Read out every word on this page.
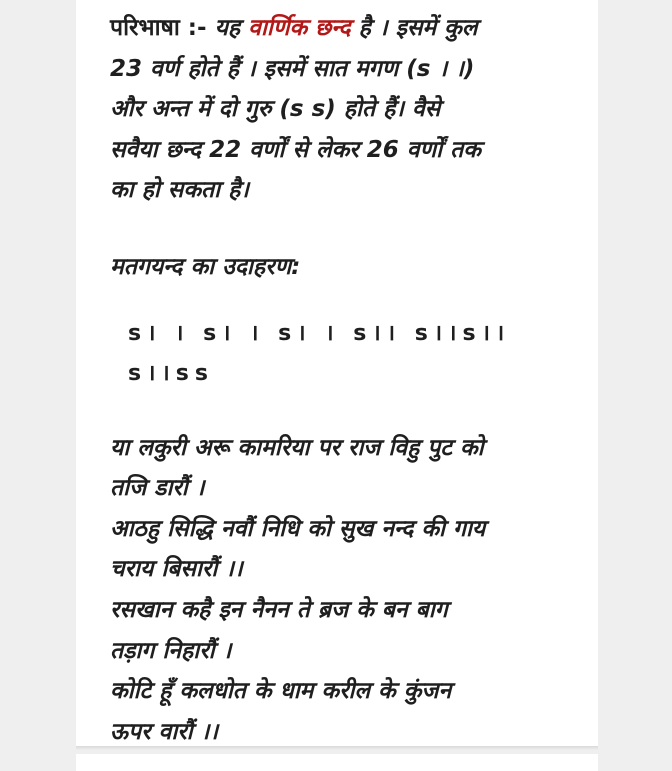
परिभाषा :- यह वार्णिक छन्द है । इसमें कुल
23 वर्ण होते हैं । इसमें सात मगण (s । ।)
और अन्त में दो गुरु (s s) होते हैं। वैसे
सवैया छन्द 22 वर्णों से लेकर 26 वर्णों तक
का हो सकता है।
मतगयन्द का उदाहरण:
s। । s। । s। । s।। s।।s।।
s।।ss
या लकुरी अरू कामरिया पर राज विहु पुट को
तजि डारौं ।
आठहु सिद्धि नवौं निधि को सुख नन्द की गाय
चराय बिसारौं ।।
रसखान कहै इन नैनन ते ब्रज के बन बाग
तड़ाग निहारौं ।
कोटि हूँ कलधोत के धाम करील के कुंजन
ऊपर वारौं ।।
